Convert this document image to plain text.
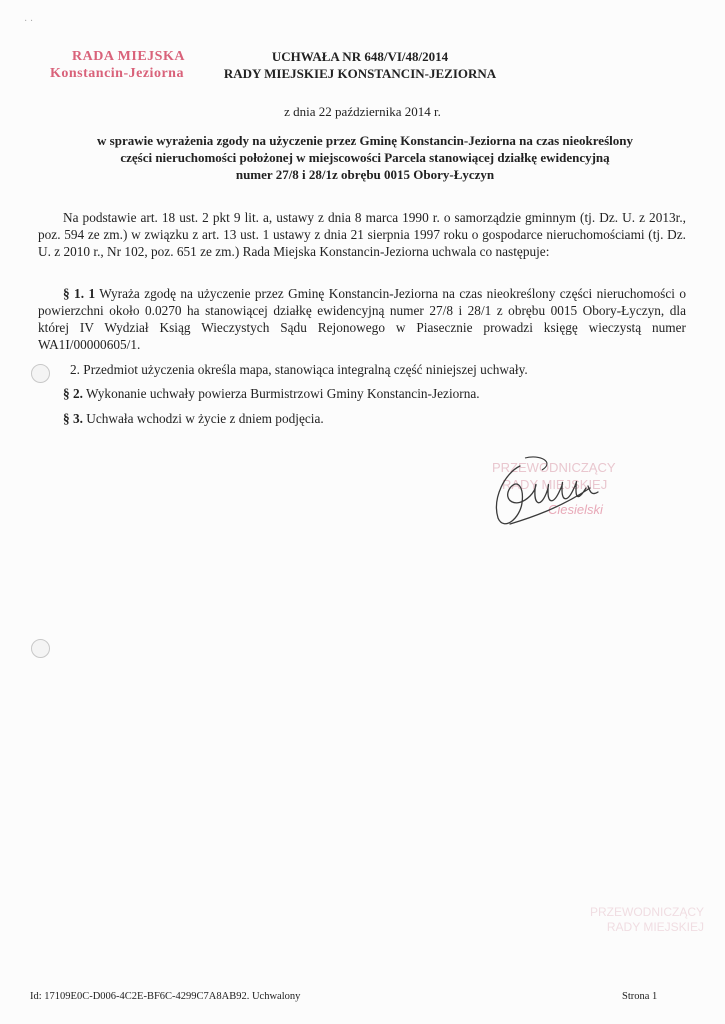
· ·
RADA MIEJSKA
Konstancin-Jeziorna
UCHWAŁA NR 648/VI/48/2014
RADY MIEJSKIEJ KONSTANCIN-JEZIORNA
z dnia 22 października 2014 r.
w sprawie wyrażenia zgody na użyczenie przez Gminę Konstancin-Jeziorna na czas nieokreślony
części nieruchomości położonej w miejscowości Parcela stanowiącej działkę ewidencyjną
numer 27/8 i 28/1z obrębu 0015 Obory-Łyczyn
Na podstawie art. 18 ust. 2 pkt 9 lit. a, ustawy z dnia 8 marca 1990 r. o samorządzie gminnym (tj. Dz. U. z 2013r., poz. 594 ze zm.) w związku z art. 13 ust. 1 ustawy z dnia 21 sierpnia 1997 roku o gospodarce nieruchomościami (tj. Dz. U. z 2010 r., Nr 102, poz. 651 ze zm.) Rada Miejska Konstancin-Jeziorna uchwala co następuje:
§ 1. 1 Wyraża zgodę na użyczenie przez Gminę Konstancin-Jeziorna na czas nieokreślony części nieruchomości o powierzchni około 0.0270 ha stanowiącej działkę ewidencyjną numer 27/8 i 28/1 z obrębu 0015 Obory-Łyczyn, dla której IV Wydział Ksiąg Wieczystych Sądu Rejonowego w Piasecznie prowadzi księgę wieczystą numer WA1I/00000605/1.
2. Przedmiot użyczenia określa mapa, stanowiąca integralną część niniejszej uchwały.
§ 2. Wykonanie uchwały powierza Burmistrzowi Gminy Konstancin-Jeziorna.
§ 3. Uchwała wchodzi w życie z dniem podjęcia.
PRZEWODNICZĄCY
RADY MIEJSKIEJ
Ciesielski
PRZEWODNICZĄCY
RADY MIEJSKIEJ
Id: 17109E0C-D006-4C2E-BF6C-4299C7A8AB92. Uchwalony	Strona 1
